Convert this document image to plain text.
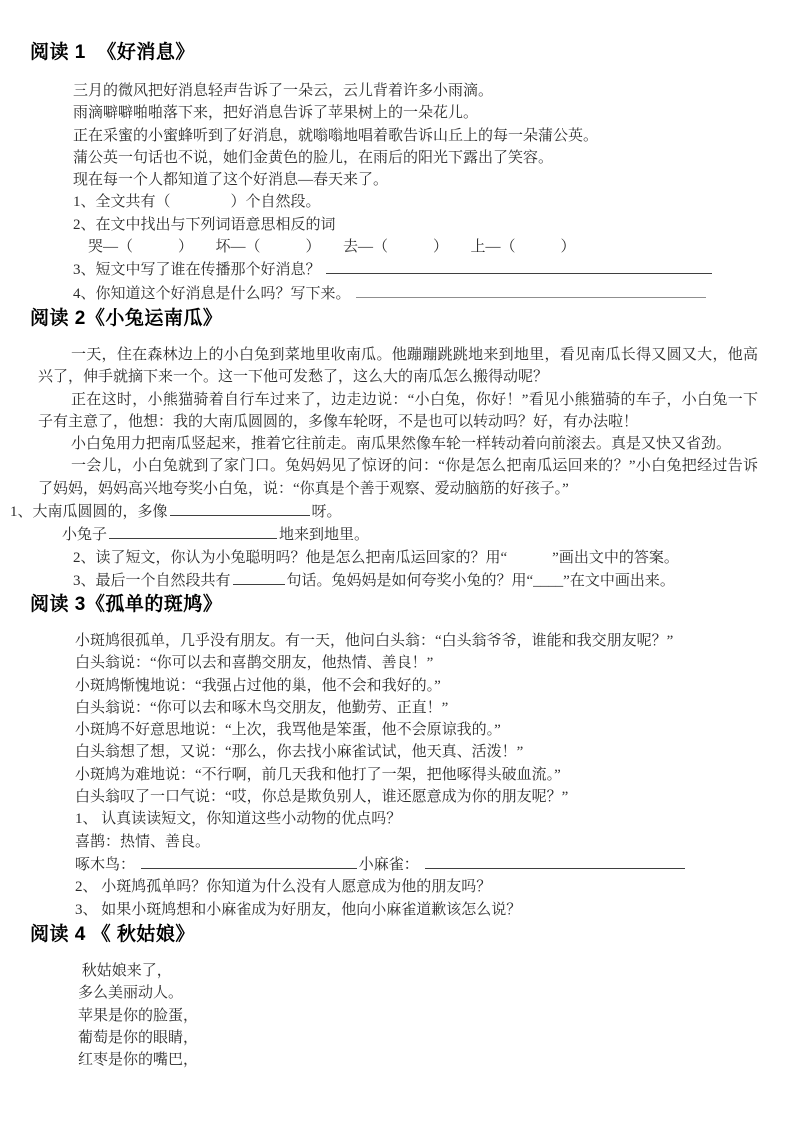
阅读 1  《好消息》

三月的微风把好消息轻声告诉了一朵云，云儿背着许多小雨滴。

雨滴噼噼啪啪落下来，把好消息告诉了苹果树上的一朵花儿。

正在采蜜的小蜜蜂听到了好消息，就嗡嗡地唱着歌告诉山丘上的每一朵蒲公英。

蒲公英一句话也不说，她们金黄色的脸儿，在雨后的阳光下露出了笑容。

现在每一个人都知道了这个好消息—春天来了。

1、全文共有（　　　　）个自然段。

2、在文中找出与下列词语意思相反的词

哭—（　　　）　　坏—（　　　）　　去—（　　　）　　上—（　　　）

3、短文中写了谁在传播那个好消息？

4、你知道这个好消息是什么吗？写下来。

阅读 2《小兔运南瓜》

一天，住在森林边上的小白兔到菜地里收南瓜。他蹦蹦跳跳地来到地里，看见南瓜长得又圆又大，他高兴了，伸手就摘下来一个。这一下他可发愁了，这么大的南瓜怎么搬得动呢？

正在这时，小熊猫骑着自行车过来了，边走边说：“小白兔，你好！”看见小熊猫骑的车子，小白兔一下子有主意了，他想：我的大南瓜圆圆的，多像车轮呀，不是也可以转动吗？好，有办法啦！

小白兔用力把南瓜竖起来，推着它往前走。南瓜果然像车轮一样转动着向前滚去。真是又快又省劲。

一会儿，小白兔就到了家门口。兔妈妈见了惊讶的问：“你是怎么把南瓜运回来的？”小白兔把经过告诉了妈妈，妈妈高兴地夸奖小白兔，说：“你真是个善于观察、爱动脑筋的好孩子。”

1、大南瓜圆圆的，多像	呀。

小兔子	地来到地里。

2、读了短文，你认为小兔聪明吗？他是怎么把南瓜运回家的？用“　　　”画出文中的答案。

3、最后一个自然段共有	句话。兔妈妈是如何夸奖小兔的？用“____”在文中画出来。

阅读 3《孤单的斑鸠》

小斑鸠很孤单，几乎没有朋友。有一天，他问白头翁：“白头翁爷爷，谁能和我交朋友呢？”

白头翁说：“你可以去和喜鹊交朋友，他热情、善良！”

小斑鸠惭愧地说：“我强占过他的巢，他不会和我好的。”

白头翁说：“你可以去和啄木鸟交朋友，他勤劳、正直！”

小斑鸠不好意思地说：“上次，我骂他是笨蛋，他不会原谅我的。”

白头翁想了想，又说：“那么，你去找小麻雀试试，他天真、活泼！”

小斑鸠为难地说：“不行啊，前几天我和他打了一架，把他啄得头破血流。”

白头翁叹了一口气说：“哎，你总是欺负别人，谁还愿意成为你的朋友呢？”

1、 认真读读短文，你知道这些小动物的优点吗？

喜鹊：热情、善良。

啄木鸟：	小麻雀：

2、 小斑鸠孤单吗？你知道为什么没有人愿意成为他的朋友吗？

3、 如果小斑鸠想和小麻雀成为好朋友，他向小麻雀道歉该怎么说？

阅读 4 《 秋姑娘》

秋姑娘来了，

多么美丽动人。

苹果是你的脸蛋，

葡萄是你的眼睛，

红枣是你的嘴巴，
